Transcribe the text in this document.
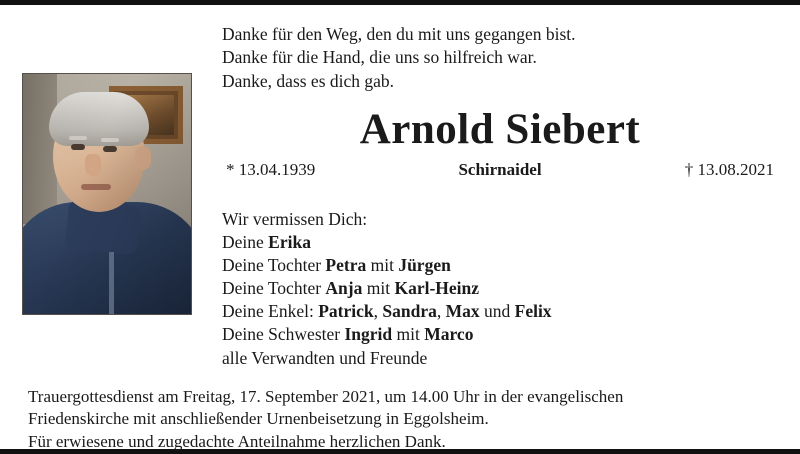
Danke für den Weg, den du mit uns gegangen bist.
Danke für die Hand, die uns so hilfreich war.
Danke, dass es dich gab.
Arnold Siebert
* 13.04.1939	Schirnaidel	† 13.08.2021
Wir vermissen Dich:
Deine Erika
Deine Tochter Petra mit Jürgen
Deine Tochter Anja mit Karl-Heinz
Deine Enkel: Patrick, Sandra, Max und Felix
Deine Schwester Ingrid mit Marco
alle Verwandten und Freunde
Trauergottesdienst am Freitag, 17. September 2021, um 14.00 Uhr in der evangelischen
Friedenskirche mit anschließender Urnenbeisetzung in Eggolsheim.
Für erwiesene und zugedachte Anteilnahme herzlichen Dank.
